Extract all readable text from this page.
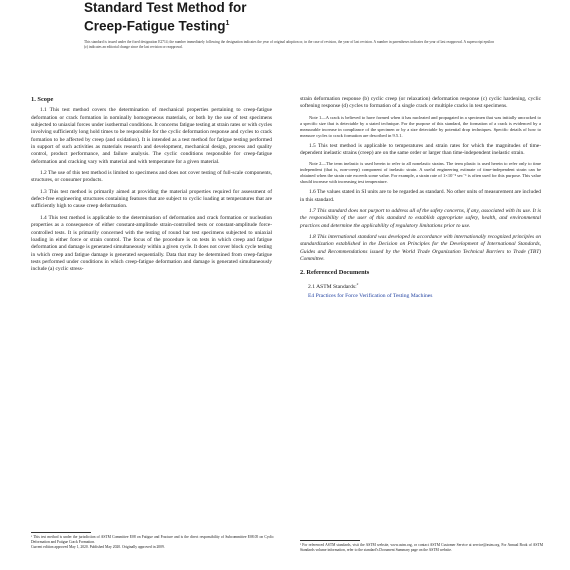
Standard Test Method for
Creep-Fatigue Testing$^1$
This standard is issued under the fixed designation E2714; the number immediately following the designation indicates the year of original adoption or, in the case of revision, the year of last revision. A number in parentheses indicates the year of last reapproval. A superscript epsilon (ε) indicates an editorial change since the last revision or reapproval.
1. Scope

1.1 This test method covers the determination of mechanical properties pertaining to creep-fatigue deformation or crack formation in nominally homogeneous materials, or both by the use of test specimens subjected to uniaxial forces under isothermal conditions. It concerns fatigue testing at strain rates or with cycles involving sufficiently long hold times to be responsible for the cyclic deformation response and cycles to crack formation to be affected by creep (and oxidation). It is intended as a test method for fatigue testing performed in support of such activities as materials research and development, mechanical design, process and quality control, product performance, and failure analysis. The cyclic conditions responsible for creep-fatigue deformation and cracking vary with material and with temperature for a given material.

1.2 The use of this test method is limited to specimens and does not cover testing of full-scale components, structures, or consumer products.

1.3 This test method is primarily aimed at providing the material properties required for assessment of defect-free engineering structures containing features that are subject to cyclic loading at temperatures that are sufficiently high to cause creep deformation.

1.4 This test method is applicable to the determination of deformation and crack formation or nucleation properties as a consequence of either constant-amplitude strain-controlled tests or constant-amplitude force-controlled tests. It is primarily concerned with the testing of round bar test specimens subjected to uniaxial loading in either force or strain control. The focus of the procedure is on tests in which creep and fatigue deformation and damage is generated simultaneously within a given cycle. It does not cover block cycle testing in which creep and fatigue damage is generated sequentially. Data that may be determined from creep-fatigue tests performed under conditions in which creep-fatigue deformation and damage is generated simultaneously include (a) cyclic stress-

strain deformation response (b) cyclic creep (or relaxation) deformation response (c) cyclic hardening, cyclic softening response (d) cycles to formation of a single crack or multiple cracks in test specimens.

Note 1—A crack is believed to have formed when it has nucleated and propagated in a specimen that was initially uncracked to a specific size that is detectable by a stated technique. For the purpose of this standard, the formation of a crack is evidenced by a measurable increase in compliance of the specimen or by a size detectable by potential drop techniques. Specific details of how to measure cycles to crack formation are described in 9.5.1.

1.5 This test method is applicable to temperatures and strain rates for which the magnitudes of time-dependent inelastic strains (creep) are on the same order or larger than time-independent inelastic strain.

Note 2—The term inelastic is used herein to refer to all nonelastic strains. The term plastic is used herein to refer only to time independent (that is, non-creep) component of inelastic strain. A useful engineering estimate of time-independent strain can be obtained when the strain rate exceeds some value. For example, a strain rate of 1×10⁻³ sec⁻¹ is often used for this purpose. This value should increase with increasing test temperature.

1.6 The values stated in SI units are to be regarded as standard. No other units of measurement are included in this standard.

1.7 This standard does not purport to address all of the safety concerns, if any, associated with its use. It is the responsibility of the user of this standard to establish appropriate safety, health, and environmental practices and determine the applicability of regulatory limitations prior to use.

1.8 This international standard was developed in accordance with internationally recognized principles on standardization established in the Decision on Principles for the Development of International Standards, Guides and Recommendations issued by the World Trade Organization Technical Barriers to Trade (TBT) Committee.

2. Referenced Documents
2.1 ASTM Standards:$^2$
E4 Practices for Force Verification of Testing Machines
¹ This test method is under the jurisdiction of ASTM Committee E08 on Fatigue and Fracture and is the direct responsibility of Subcommittee E08.05 on Cyclic Deformation and Fatigue Crack Formation.
Current edition approved May 1, 2020. Published May 2020. Originally approved in 2009.	² For referenced ASTM standards, visit the ASTM website, www.astm.org, or contact ASTM Customer Service at service@astm.org. For Annual Book of ASTM Standards volume information, refer to the standard's Document Summary page on the ASTM website.
